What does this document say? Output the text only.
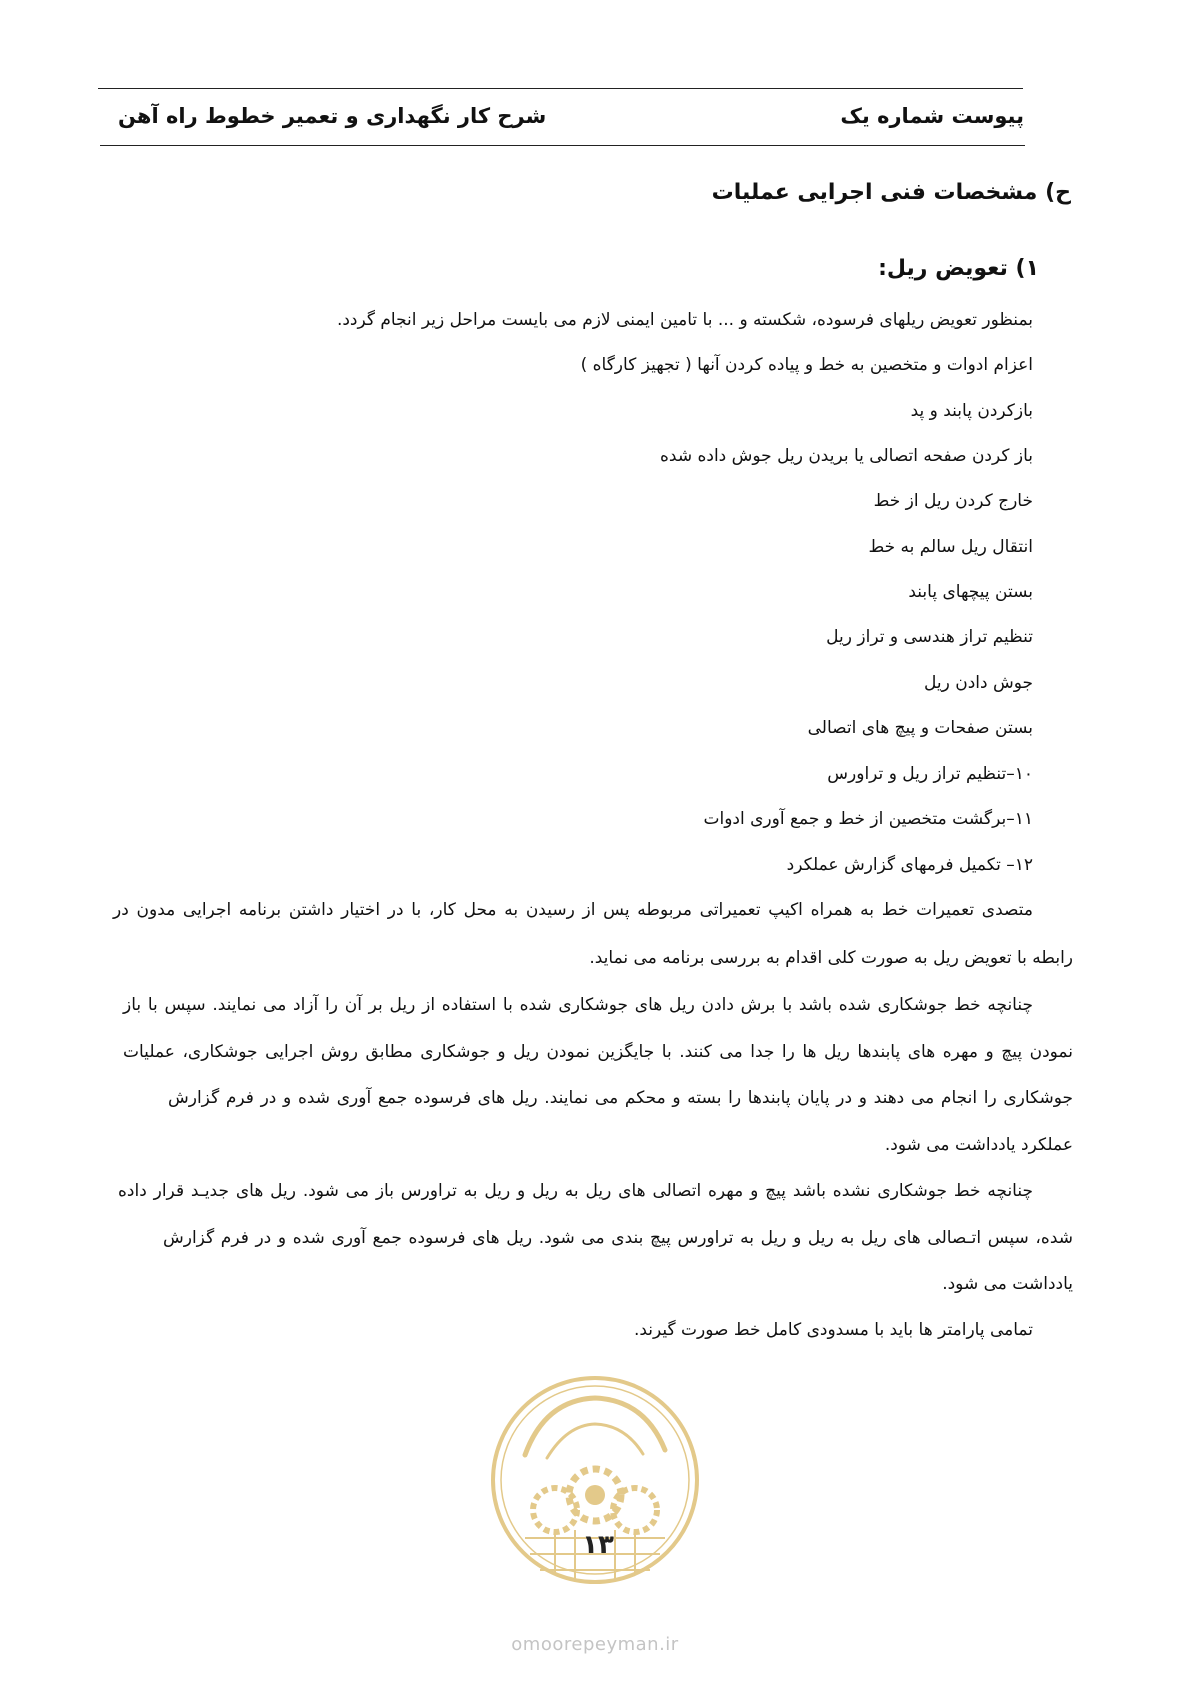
پیوست شماره یک
شرح کار نگهداری و تعمیر خطوط راه آهن
ح) مشخصات فنی اجرایی عملیات
۱) تعویض ریل:
بمنظور تعویض ریلهای فرسوده، شکسته و ... با تامین ایمنی لازم می بایست مراحل زیر انجام گردد.
اعزام ادوات و متخصین به خط و پیاده کردن آنها ( تجهیز کارگاه )
بازکردن پابند و پد
باز کردن صفحه اتصالی یا بریدن ریل جوش داده شده
خارج کردن ریل از خط
انتقال ریل سالم به خط
بستن پیچهای پابند
تنظیم تراز هندسی و تراز ریل
جوش دادن ریل
بستن صفحات و پیچ های اتصالی
۱۰–تنظیم تراز ریل و تراورس
۱۱–برگشت متخصین از خط و جمع آوری ادوات
۱۲– تکمیل فرمهای گزارش عملکرد
متصدی تعمیرات خط به همراه اکیپ تعمیراتی مربوطه پس از رسیدن به محل کار، با در اختیار داشتن برنامه اجرایی مدون در
رابطه با تعویض ریل به صورت کلی اقدام به بررسی برنامه می نماید.
چنانچه خط جوشکاری شده باشد با برش دادن ریل های جوشکاری شده با استفاده از ریل بر آن را آزاد می نمایند. سپس با باز
نمودن پیچ و مهره های پابندها ریل ها را جدا می کنند. با جایگزین نمودن ریل و جوشکاری مطابق روش اجرایی جوشکاری، عملیات
جوشکاری را انجام می دهند و در پایان پابندها را بسته و محکم می نمایند. ریل های فرسوده جمع آوری شده و در فرم گزارش
عملکرد یادداشت می شود.
چنانچه خط جوشکاری نشده باشد پیچ و مهره اتصالی های ریل به ریل و ریل به تراورس باز می شود. ریل های جدیـد قرار داده
شده، سپس اتـصالی های ریل به ریل و ریل به تراورس پیچ بندی می شود. ریل های فرسوده جمع آوری شده و در فرم گزارش
یادداشت می شود.
تمامی پارامتر ها باید با مسدودی کامل خط صورت گیرند.
۱۳
omoorepeyman.ir
